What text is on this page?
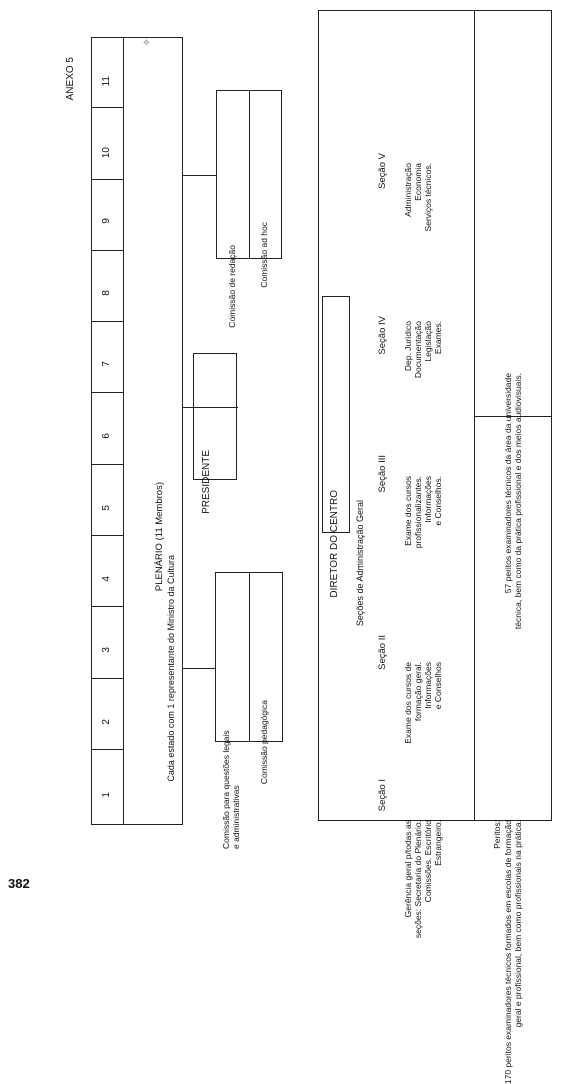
1
2
3
4
5
6
7
8
9
10
11
PLENÁRIO (11 Membros)
Cada estado com 1 representante do Ministro da Cultura
ANEXO 5
✧
PRESIDENTE
Comissão para questões legais e administrativas
Comissão pedagógica
Comissão de redação	Comissão ad hoc
DIRETOR DO CENTRO Seções de Administração Geral
Seção I
Gerência geral p/todas as seções: Secretaria do Plenário. Comissões. Escritório Estrangeiro.
Seção II
Exame dos cursos de formação geral. Informações e Conselhos
Seção III
Exame dos cursos profissionalizantes. Informações e Conselhos.
Seção IV Dep. Jurídico Documentação Legislação Exames.
Seção V Administração Economia Serviços técnicos.
Peritos: 170 peritos examinadores técnicos formados em escolas de formação geral e profissional, bem como profissionais na prática.
57 peritos examinadores técnicos da área da universidade técnica, bem como da prática profissional e dos meios audiovisuais.
382
